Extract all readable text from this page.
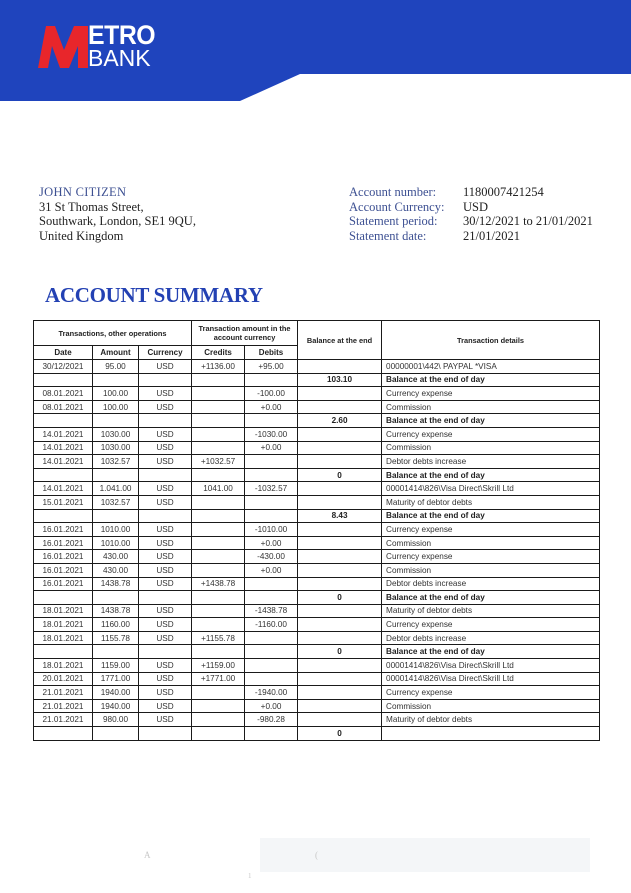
ETRO
BANK
JOHN CITIZEN
31 St Thomas Street,
Southwark, London, SE1 9QU,
United Kingdom
Account number:	1180007421254
Account Currency:	USD
Statement period:	30/12/2021 to 21/01/2021
Statement date:	21/01/2021
ACCOUNT SUMMARY
Transactions, other operations			Transaction amount in the account currency		Balance at the end	Transaction details
Date	Amount	Currency	Credits	Debits		
30/12/2021	95.00	USD	+1136.00	+95.00		00000001\442\ PAYPAL *VISA
					103.10	Balance at the end of day
08.01.2021	100.00	USD		-100.00		Currency expense
08.01.2021	100.00	USD		+0.00		Commission
					2.60	Balance at the end of day
14.01.2021	1030.00	USD		-1030.00		Currency expense
14.01.2021	1030.00	USD		+0.00		Commission
14.01.2021	1032.57	USD	+1032.57			Debtor debts increase
					0	Balance at the end of day
14.01.2021	1.041.00	USD	1041.00	-1032.57		00001414\826\Visa Direct\Skrill Ltd
15.01.2021	1032.57	USD				Maturity of debtor debts
					8.43	Balance at the end of day
16.01.2021	1010.00	USD		-1010.00		Currency expense
16.01.2021	1010.00	USD		+0.00		Commission
16.01.2021	430.00	USD		-430.00		Currency expense
16.01.2021	430.00	USD		+0.00		Commission
16.01.2021	1438.78	USD	+1438.78			Debtor debts increase
					0	Balance at the end of day
18.01.2021	1438.78	USD		-1438.78		Maturity of debtor debts
18.01.2021	1160.00	USD		-1160.00		Currency expense
18.01.2021	1155.78	USD	+1155.78			Debtor debts increase
					0	Balance at the end of day
18.01.2021	1159.00	USD	+1159.00			00001414\826\Visa Direct\Skrill Ltd
20.01.2021	1771.00	USD	+1771.00			00001414\826\Visa Direct\Skrill Ltd
21.01.2021	1940.00	USD		-1940.00		Currency expense
21.01.2021	1940.00	USD		+0.00		Commission
21.01.2021	980.00	USD		-980.28		Maturity of debtor debts
					0	
A	(
1
